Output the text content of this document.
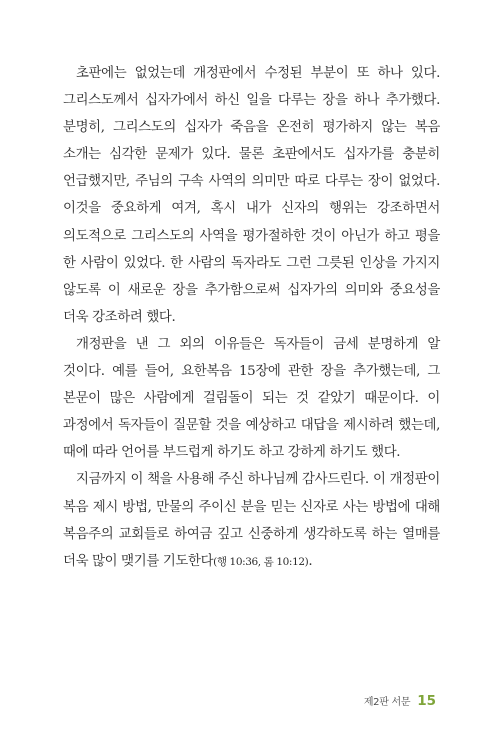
초판에는 없었는데 개정판에서 수정된 부분이 또 하나 있다. 그리스도께서 십자가에서 하신 일을 다루는 장을 하나 추가했다. 분명히, 그리스도의 십자가 죽음을 온전히 평가하지 않는 복음 소개는 심각한 문제가 있다. 물론 초판에서도 십자가를 충분히 언급했지만, 주님의 구속 사역의 의미만 따로 다루는 장이 없었다. 이것을 중요하게 여겨, 혹시 내가 신자의 행위는 강조하면서 의도적으로 그리스도의 사역을 평가절하한 것이 아닌가 하고 평을 한 사람이 있었다. 한 사람의 독자라도 그런 그릇된 인상을 가지지 않도록 이 새로운 장을 추가함으로써 십자가의 의미와 중요성을 더욱 강조하려 했다.

개정판을 낸 그 외의 이유들은 독자들이 금세 분명하게 알 것이다. 예를 들어, 요한복음 15장에 관한 장을 추가했는데, 그 본문이 많은 사람에게 걸림돌이 되는 것 같았기 때문이다. 이 과정에서 독자들이 질문할 것을 예상하고 대답을 제시하려 했는데, 때에 따라 언어를 부드럽게 하기도 하고 강하게 하기도 했다.

지금까지 이 책을 사용해 주신 하나님께 감사드린다. 이 개정판이 복음 제시 방법, 만물의 주이신 분을 믿는 신자로 사는 방법에 대해 복음주의 교회들로 하여금 깊고 신중하게 생각하도록 하는 열매를 더욱 많이 맺기를 기도한다(행 10:36, 롬 10:12).

제2판 서문 15
